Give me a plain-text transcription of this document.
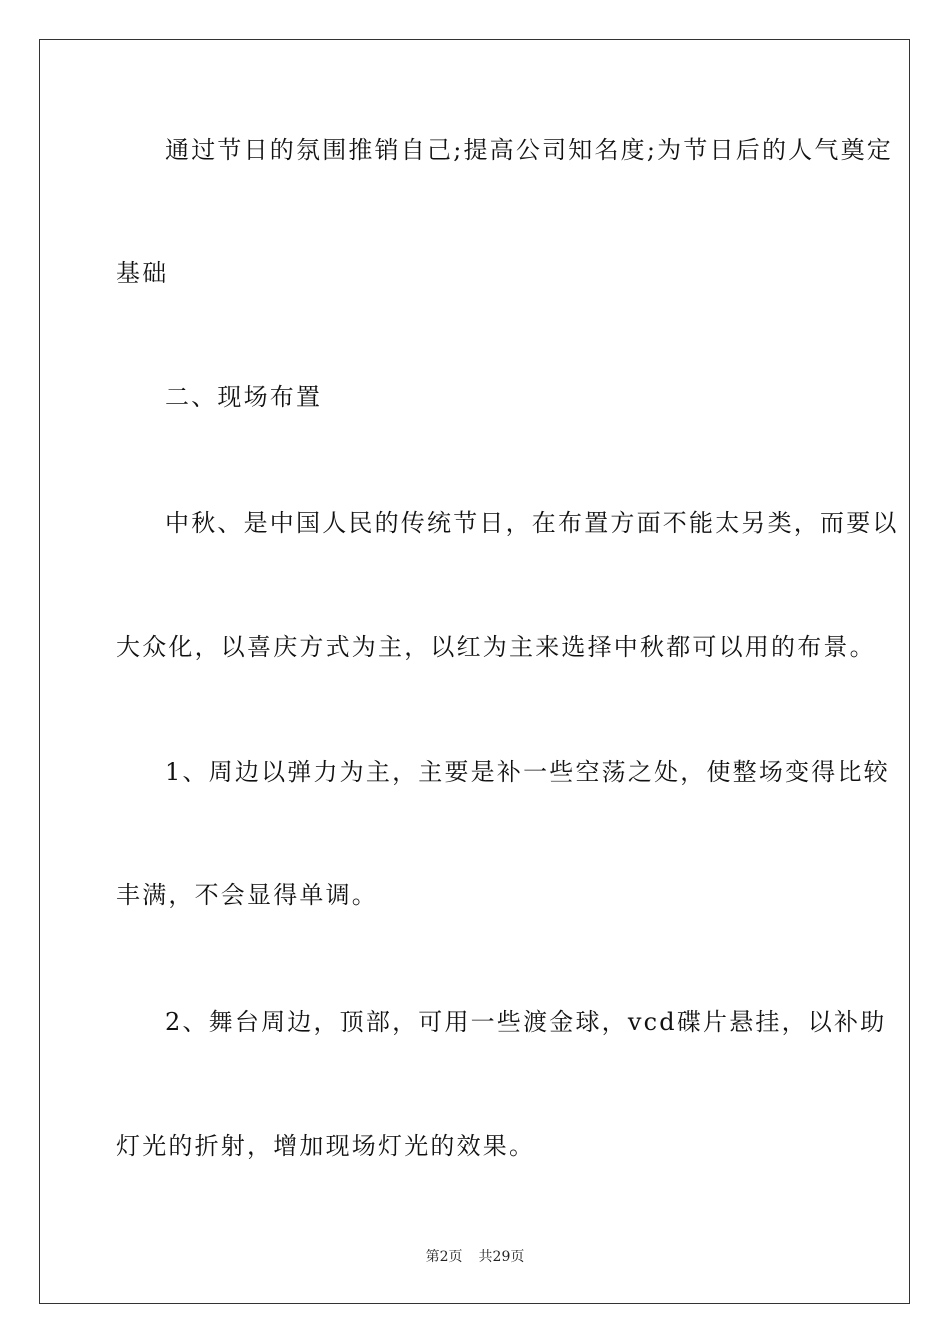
通过节日的氛围推销自己;提高公司知名度;为节日后的人气奠定
基础
二、现场布置
中秋、是中国人民的传统节日，在布置方面不能太另类，而要以
大众化，以喜庆方式为主，以红为主来选择中秋都可以用的布景。
1、周边以弹力为主，主要是补一些空荡之处，使整场变得比较
丰满，不会显得单调。
2、舞台周边，顶部，可用一些渡金球，vcd碟片悬挂，以补助
灯光的折射，增加现场灯光的效果。
第2页 共29页
